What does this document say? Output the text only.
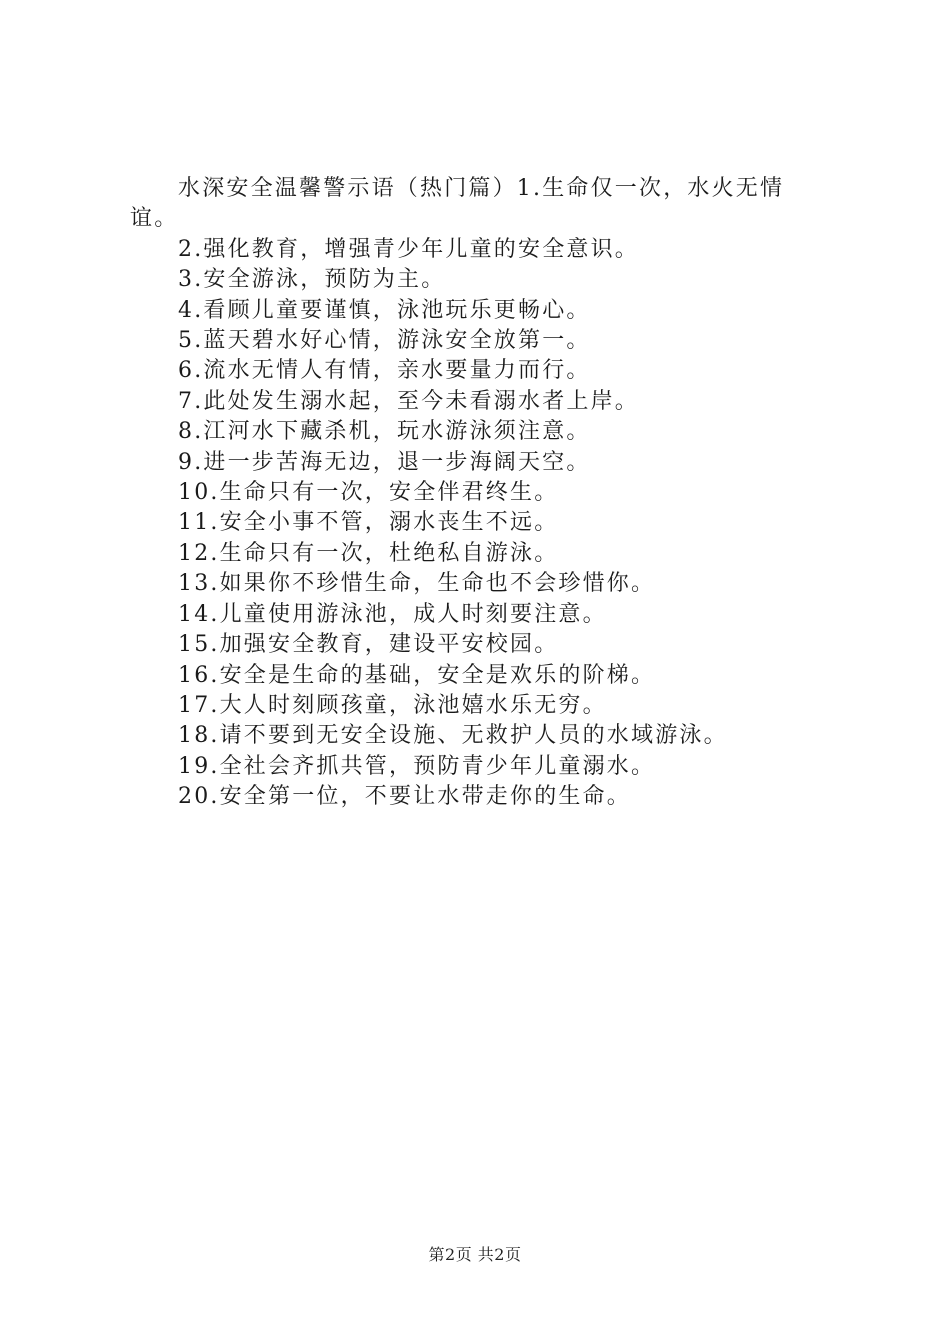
水深安全温馨警示语（热门篇）1.生命仅一次，水火无情谊。

2.强化教育，增强青少年儿童的安全意识。
3.安全游泳，预防为主。
4.看顾儿童要谨慎，泳池玩乐更畅心。
5.蓝天碧水好心情，游泳安全放第一。
6.流水无情人有情，亲水要量力而行。
7.此处发生溺水起，至今未看溺水者上岸。
8.江河水下藏杀机，玩水游泳须注意。
9.进一步苦海无边，退一步海阔天空。
10.生命只有一次，安全伴君终生。
11.安全小事不管，溺水丧生不远。
12.生命只有一次，杜绝私自游泳。
13.如果你不珍惜生命，生命也不会珍惜你。
14.儿童使用游泳池，成人时刻要注意。
15.加强安全教育，建设平安校园。
16.安全是生命的基础，安全是欢乐的阶梯。
17.大人时刻顾孩童，泳池嬉水乐无穷。
18.请不要到无安全设施、无救护人员的水域游泳。
19.全社会齐抓共管，预防青少年儿童溺水。
20.安全第一位，不要让水带走你的生命。
第2页 共2页
